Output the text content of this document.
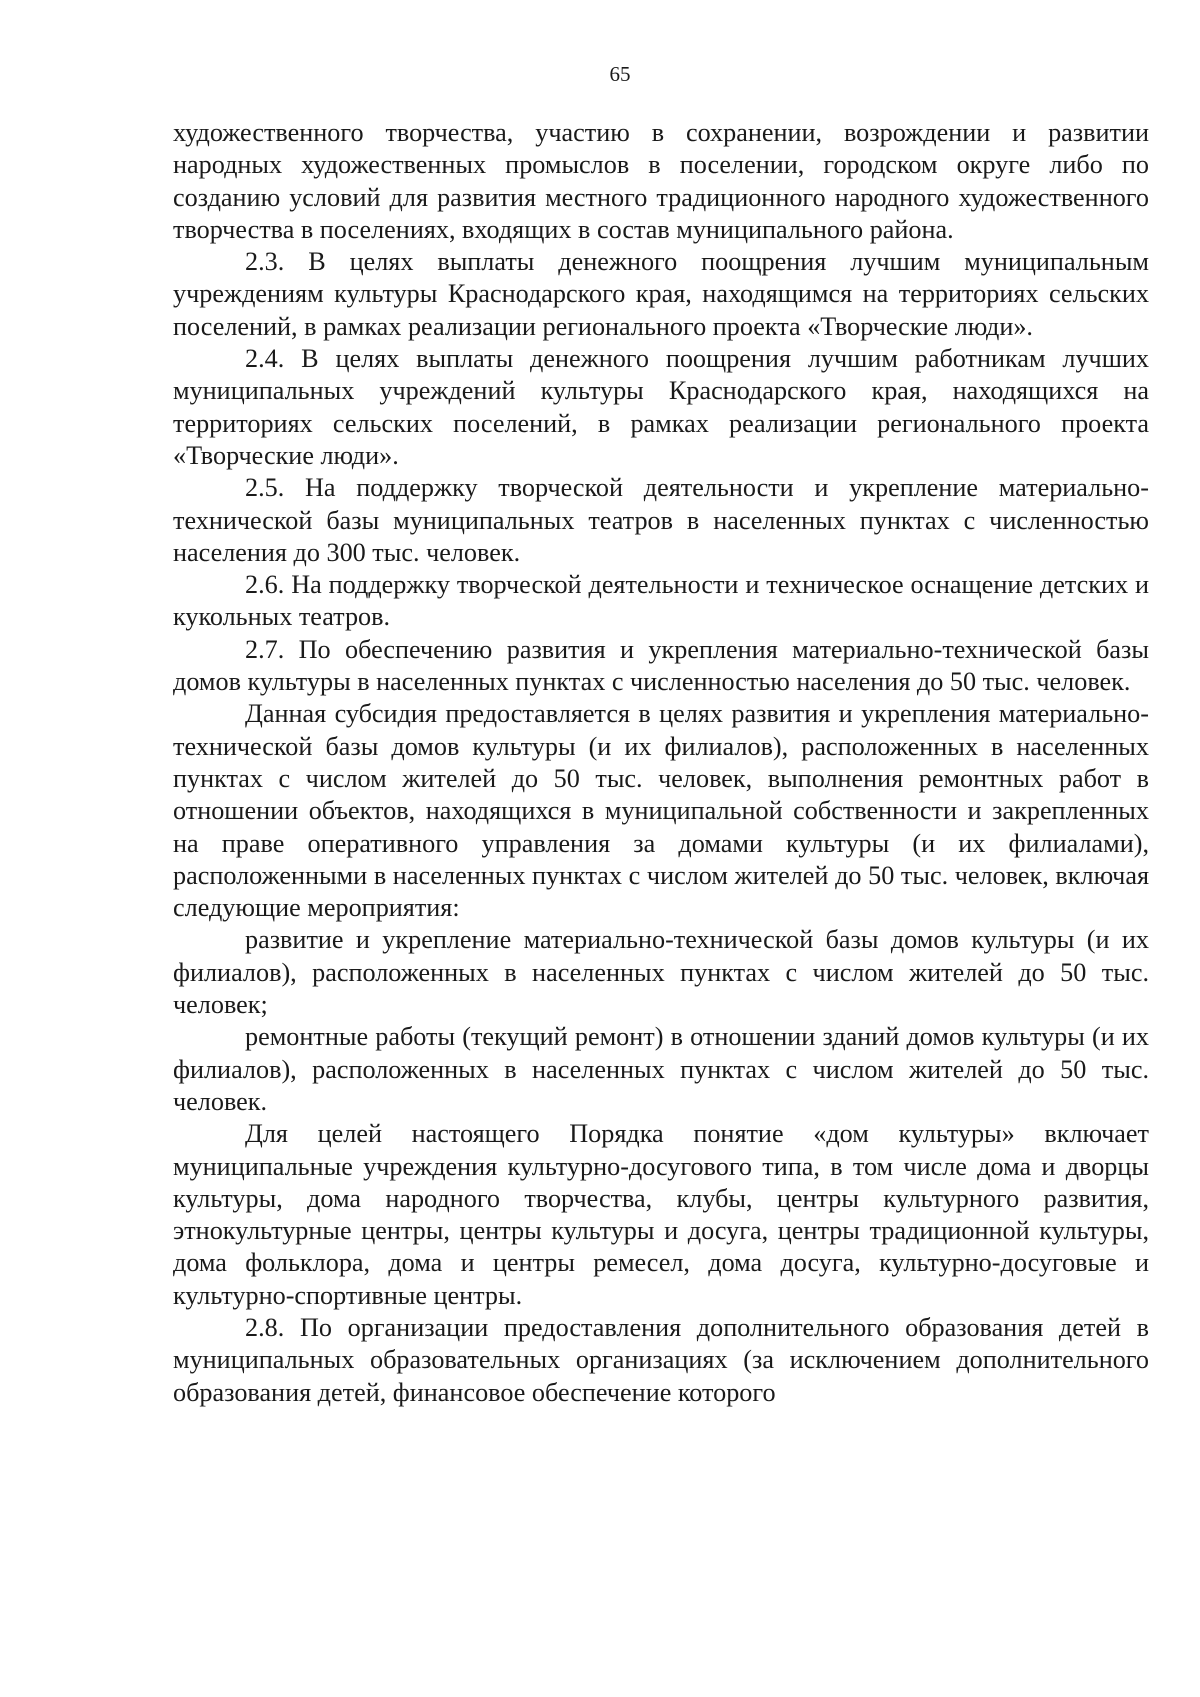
65

художественного творчества, участию в сохранении, возрождении и развитии народных художественных промыслов в поселении, городском округе либо по созданию условий для развития местного традиционного народного художественного творчества в поселениях, входящих в состав муниципального района.

2.3. В целях выплаты денежного поощрения лучшим муниципальным учреждениям культуры Краснодарского края, находящимся на территориях сельских поселений, в рамках реализации регионального проекта «Творческие люди».

2.4. В целях выплаты денежного поощрения лучшим работникам лучших муниципальных учреждений культуры Краснодарского края, находящихся на территориях сельских поселений, в рамках реализации регионального проекта «Творческие люди».

2.5. На поддержку творческой деятельности и укрепление материально-технической базы муниципальных театров в населенных пунктах с численностью населения до 300 тыс. человек.

2.6. На поддержку творческой деятельности и техническое оснащение детских и кукольных театров.

2.7. По обеспечению развития и укрепления материально-технической базы домов культуры в населенных пунктах с численностью населения до 50 тыс. человек.

Данная субсидия предоставляется в целях развития и укрепления материально-технической базы домов культуры (и их филиалов), расположенных в населенных пунктах с числом жителей до 50 тыс. человек, выполнения ремонтных работ в отношении объектов, находящихся в муниципальной собственности и закрепленных на праве оперативного управления за домами культуры (и их филиалами), расположенными в населенных пунктах с числом жителей до 50 тыс. человек, включая следующие мероприятия:

развитие и укрепление материально-технической базы домов культуры (и их филиалов), расположенных в населенных пунктах с числом жителей до 50 тыс. человек;

ремонтные работы (текущий ремонт) в отношении зданий домов культуры (и их филиалов), расположенных в населенных пунктах с числом жителей до 50 тыс. человек.

Для целей настоящего Порядка понятие «дом культуры» включает муниципальные учреждения культурно-досугового типа, в том числе дома и дворцы культуры, дома народного творчества, клубы, центры культурного развития, этнокультурные центры, центры культуры и досуга, центры традиционной культуры, дома фольклора, дома и центры ремесел, дома досуга, культурно-досуговые и культурно-спортивные центры.

2.8. По организации предоставления дополнительного образования детей в муниципальных образовательных организациях (за исключением дополнительного образования детей, финансовое обеспечение которого
